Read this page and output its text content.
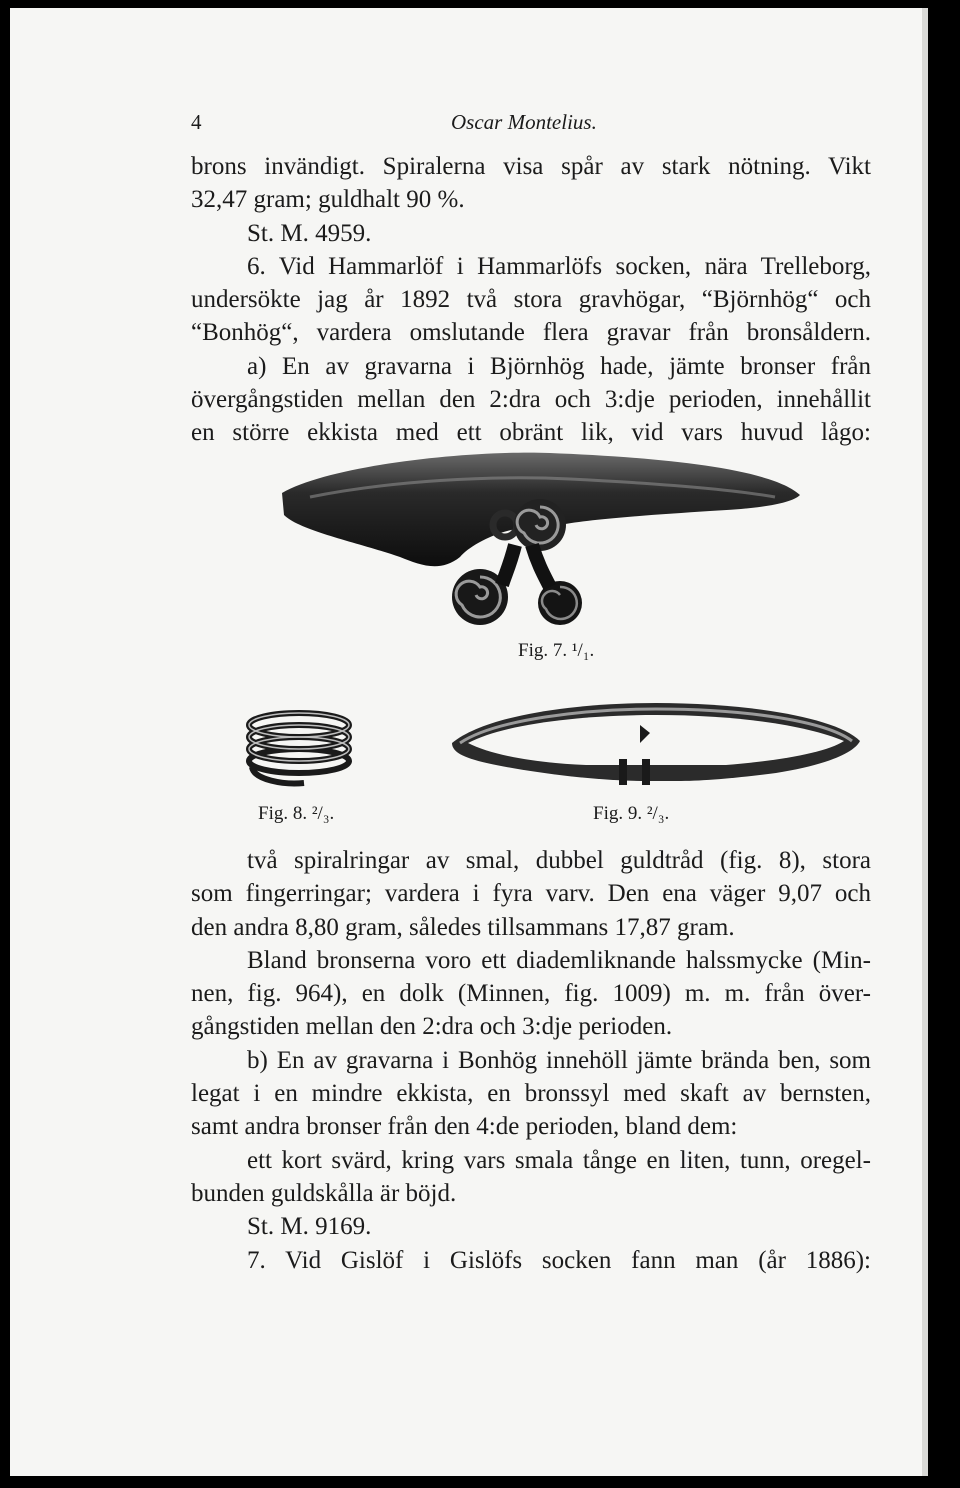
4	Oscar Montelius.
brons invändigt. Spiralerna visa spår av stark nötning. Vikt
32,47 gram; guldhalt 90 %.
St. M. 4959.
6. Vid Hammarlöf i Hammarlöfs socken, nära Trelleborg,
undersökte jag år 1892 två stora gravhögar, “Björnhög“ och
“Bonhög“, vardera omslutande flera gravar från bronsåldern.
a) En av gravarna i Björnhög hade, jämte bronser från
övergångstiden mellan den 2:dra och 3:dje perioden, innehållit
en större ekkista med ett obränt lik, vid vars huvud lågo:
Fig. 7. ¹/₁.
Fig. 8. ²/₃.	Fig. 9. ²/₃.
två spiralringar av smal, dubbel guldtråd (fig. 8), stora
som fingerringar; vardera i fyra varv. Den ena väger 9,07 och
den andra 8,80 gram, således tillsammans 17,87 gram.
Bland bronserna voro ett diademliknande halssmycke (Min-
nen, fig. 964), en dolk (Minnen, fig. 1009) m. m. från över-
gångstiden mellan den 2:dra och 3:dje perioden.
b) En av gravarna i Bonhög innehöll jämte brända ben, som
legat i en mindre ekkista, en bronssyl med skaft av bernsten,
samt andra bronser från den 4:de perioden, bland dem:
ett kort svärd, kring vars smala tånge en liten, tunn, oregel-
bunden guldskålla är böjd.
St. M. 9169.
7. Vid Gislöf i Gislöfs socken fann man (år 1886):
